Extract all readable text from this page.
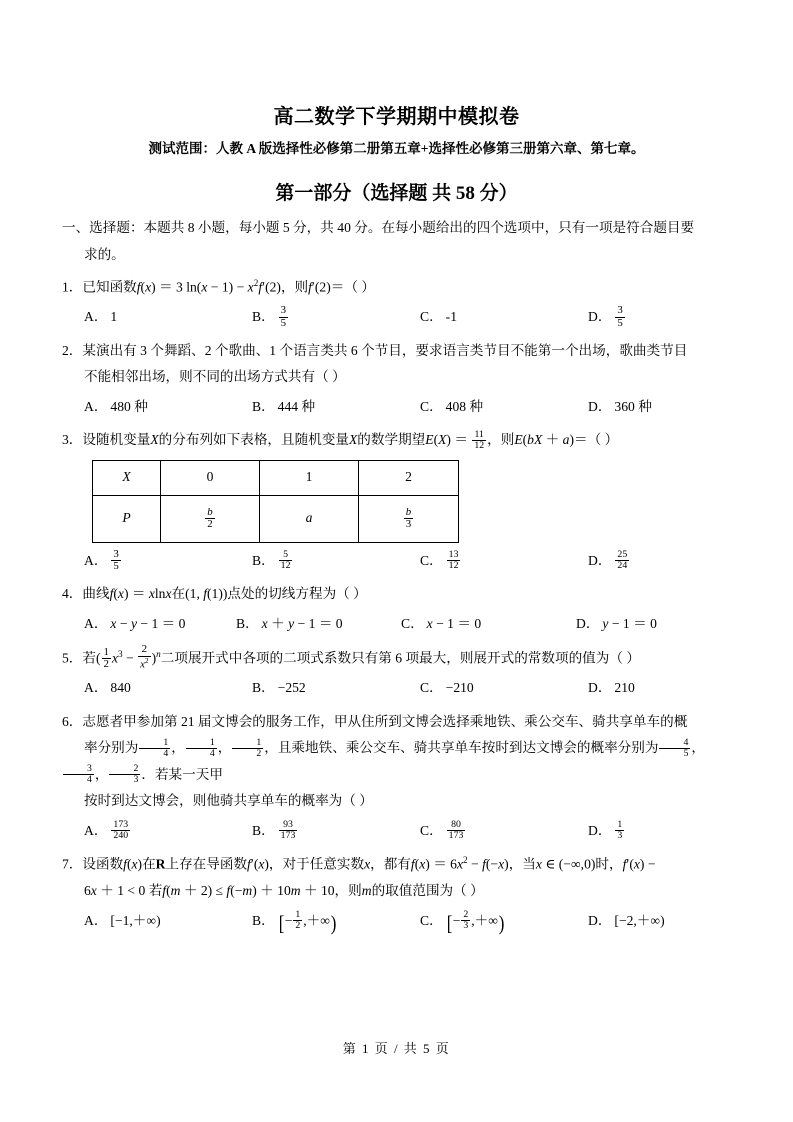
高二数学下学期期中模拟卷
测试范围：人教 A 版选择性必修第二册第五章+选择性必修第三册第六章、第七章。
第一部分（选择题 共 58 分）
一、选择题：本题共 8 小题，每小题 5 分，共 40 分。在每小题给出的四个选项中，只有一项是符合题目要
求的。
1．已知函数f(x) ＝ 3 $\ln(x - 1) - x^2f'(2)$，则f′(2)＝（ ）
A． 1	B． $\frac{3}{5}$	C． -1	D． $\frac{3}{5}$
2．某演出有 3 个舞蹈、2 个歌曲、1 个语言类共 6 个节目，要求语言类节目不能第一个出场，歌曲类节目
不能相邻出场，则不同的出场方式共有（ ）
A． 480 种	B． 444 种	C． 408 种	D． 360 种
3．设随机变量X的分布列如下表格，且随机变量X的数学期望$E(X) = \frac{11}{12}$ ，则E(bX ＋ a)＝（ ）
X	0	1	2
P	$\frac{b}{2}$	a	$\frac{b}{3}$
A． $\frac{3}{5}$	B． $\frac{5}{12}$	C． $\frac{13}{12}$	D． $\frac{25}{24}$
4．曲线f(x) ＝ xlnx在(1, f(1))点处的切线方程为（ ）
A． x − y − 1 ＝ 0	B． x ＋ y − 1 ＝ 0	C． x − 1 ＝ 0	D． y − 1 ＝ 0
5．若( $\frac{1}{2} x^3 - \frac{2}{x^2} )^n$二项展开式中各项的二项式系数只有第 6 项最大，则展开式的常数项的值为（ ）
A． 840	B． −252	C． −210	D． 210
6．志愿者甲参加第 21 届文博会的服务工作，甲从住所到文博会选择乘地铁、乘公交车、骑共享单车的概
率分别为 $\frac{1}{4}$ ， $\frac{1}{4}$ ， $\frac{1}{2}$ ，且乘地铁、乘公交车、骑共享单车按时到达文博会的概率分别为 $\frac{4}{5}$ ，
$\frac{3}{4}$ ， $\frac{2}{3}$ ．若某一天甲
按时到达文博会，则他骑共享单车的概率为（ ）
A． $\frac{173}{240}$	B． $\frac{93}{173}$	C． $\frac{80}{173}$	D． $\frac{1}{3}$
7．设函数f(x)在R上存在导函数f′(x)，对于任意实数x，都有$f(x) = 6x^2 - f(-x)$，当x ∈ (−∞,0)时，f′(x) −
6x ＋ 1 < 0 若f(m ＋ 2) ≤ f(−m) ＋ 10m ＋ 10，则m的取值范围为（ ）
A． [−1,＋∞)	B． [− $\frac{1}{2}$ ,＋∞)	C． [− $\frac{2}{3}$ ,＋∞)	D． [−2,＋∞)
第 1 页 / 共 5 页
